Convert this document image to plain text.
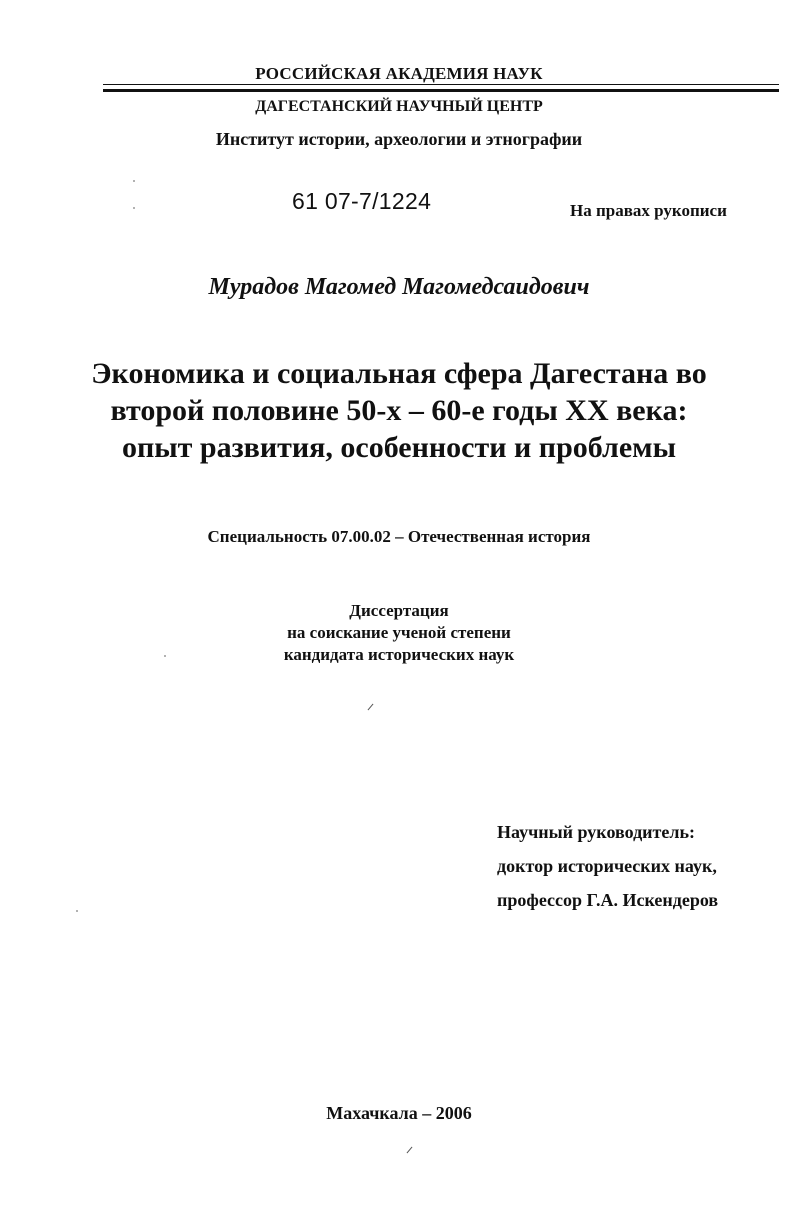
РОССИЙСКАЯ АКАДЕМИЯ НАУК
ДАГЕСТАНСКИЙ НАУЧНЫЙ ЦЕНТР
Институт истории, археологии и этнографии
61 07-7/1224	На правах рукописи
Мурадов Магомед Магомедсаидович
Экономика и социальная сфера Дагестана во
второй половине 50-х – 60-е годы XX века:
опыт развития, особенности и проблемы
Специальность 07.00.02 – Отечественная история
Диссертация
на соискание ученой степени
кандидата исторических наук
Научный руководитель:
доктор исторических наук,
профессор Г.А. Искендеров
Махачкала – 2006
